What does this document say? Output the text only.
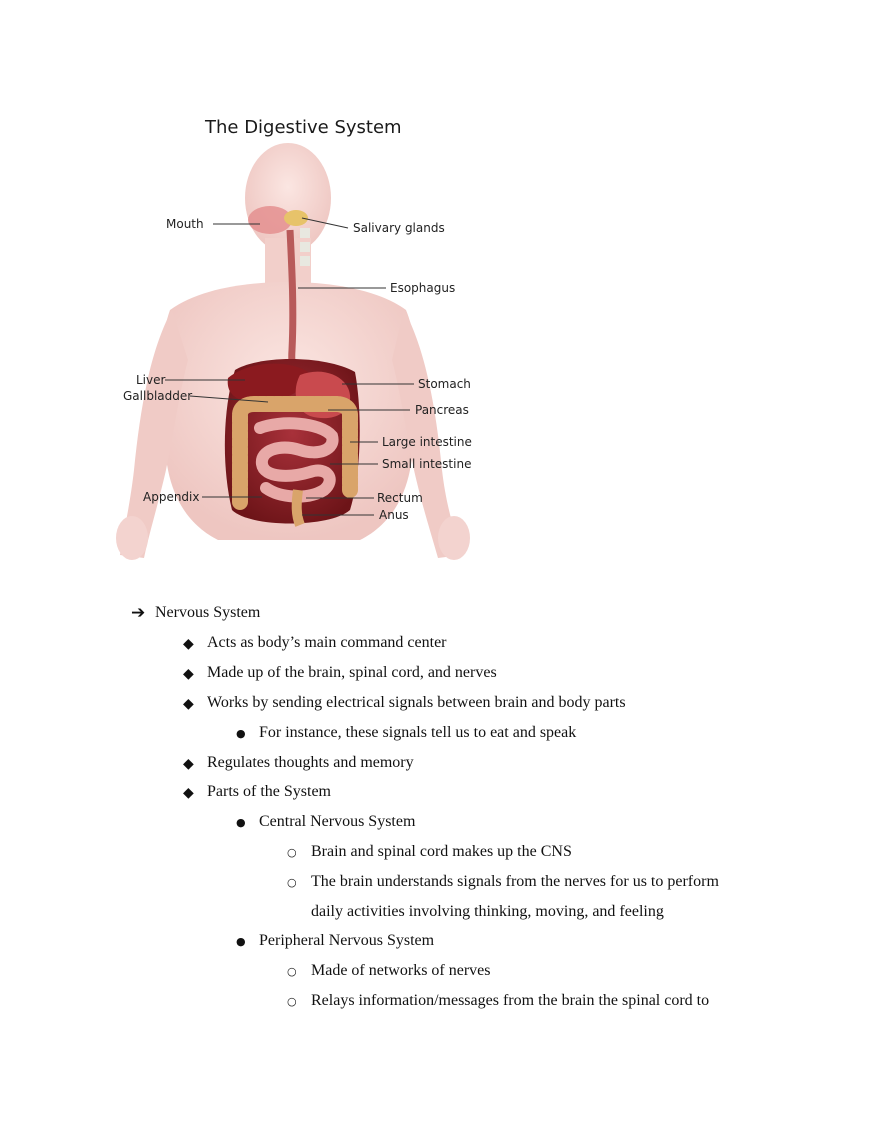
The Digestive System
Mouth	Salivary glands
Esophagus
Liver
Gallbladder
Stomach
Pancreas
Large intestine
Small intestine
Appendix	Rectum
Anus
➔ Nervous System
◆ Acts as body’s main command center
◆ Made up of the brain, spinal cord, and nerves
◆ Works by sending electrical signals between brain and body parts
● For instance, these signals tell us to eat and speak
◆ Regulates thoughts and memory
◆ Parts of the System
● Central Nervous System
○ Brain and spinal cord makes up the CNS
○ The brain understands signals from the nerves for us to perform
daily activities involving thinking, moving, and feeling
● Peripheral Nervous System
○ Made of networks of nerves
○ Relays information/messages from the brain the spinal cord to
